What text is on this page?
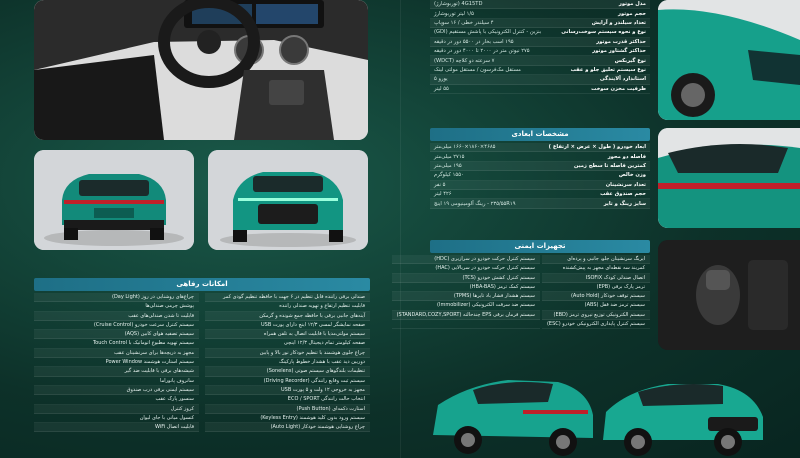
امکانات رفاهی
صندلی برقی راننده قابل تنظیم در ۶ جهت با حافظه تنظیم گودی کمر
قابلیت تنظیم ارتفاع و تهویه صندلی راننده
آینه‌های جانبی برقی با حافظه جمع شونده و گرمکن
صفحه نمایشگر لمسی ۱۲/۳ اینچ دارای پورت USB
سیستم مولتی‌مدیا با قابلیت اتصال به تلفن همراه
صفحه کیلومتر تمام دیجیتال ۱۲/۳ اینچی
چراغ جلوی هوشمند با تنظیم خودکار نور بالا و پایین
دوربین دید عقب با هشدار خطوط پارکینگ
تنظیمات بلندگوهای سیستم صوتی (Sonelens)
سیستم ثبت وقایع رانندگی (Driving Recorder)
مجهز به خروجی ۱۲ ولت و ۵ پورت USB
انتخاب حالت رانندگی ECO / SPORT
استارت دکمه‌ای (Push Button)
سیستم ورود بدون کلید هوشمند (Keyless Entry)
چراغ روشنایی هوشمند خودکار (Auto Light)
چراغ‌های روشنایی در روز (Day Light)
پوشش چرمی صندلی‌ها
قابلیت تا شدن صندلی‌های عقب
سیستم کنترل سرعت خودرو (Cruise Control)
سیستم تصفیه هوای کابین (AQS)
سیستم تهویه مطبوع اتوماتیک با Touch Control
مجهز به دریچه‌ها برای سرنشینان عقب
سیستم استارت هوشمند Power Window
شیشه‌های برقی با قابلیت ضد گیر
سانروف پانوراما
سیستم ایمنی برقی درب صندوق
سنسور پارک عقب
کروز کنترل
کنسول میانی با جای لیوان
قابلیت اتصال WiFi
مدل موتور
4G15TD (توربوشارژ)
حجم موتور
۱/۵ لیتر توربوشارژ
تعداد سیلندر و آرایش
۴ سیلندر خطی / ۱۶ سوپاپ
نوع و نحوه سیستم سوخت‌رسانی
بنزین - کنترل الکترونیکی با پاشش مستقیم (GDI)
حداکثر قدرت موتور
۱۹۵ اسب بخار در ۵۵۰۰ دور در دقیقه
حداکثر گشتاور موتور
۲۷۵ نیوتن متر در ۲۰۰۰ تا ۴۰۰۰ دور در دقیقه
نوع گیربکس
۷ سرعته دو کلاچه (WDCT)
نوع سیستم تعلیق جلو و عقب
مستقل مک‌فرسون / مستقل مولتی لینک
استاندارد آلایندگی
یورو ۵
ظرفیت مخزن سوخت
۵۵ لیتر
مشخصات ابعادی
ابعاد خودرو ( طول × عرض × ارتفاع )
۴۶۸۵×۱۸۶۰×۱۶۶۰ میلی‌متر
فاصله دو محور
۲۷۱۵ میلی‌متر
کمترین فاصله تا سطح زمین
۱۹۵ میلی‌متر
وزن خالص
۱۵۵۰ کیلوگرم
تعداد سرنشینان
۵ نفر
حجم صندوق عقب
۴۲۶ لیتر
سایز رینگ و تایر
۲۳۵/۵۵R۱۹ - رینگ آلومینیومی ۱۹ اینچ
تجهیزات ایمنی
ایربگ سرنشینان جلو، جانبی و پرده‌ای
کمربند سه نقطه‌ای مجهز به پیش‌کشنده
اتصال صندلی کودک ISOFIX
ترمز پارک برقی (EPB)
سیستم توقف خودکار (Auto Hold)
سیستم ترمز ضد قفل (ABS)
سیستم الکترونیکی توزیع نیروی ترمز (EBD)
سیستم کنترل پایداری الکترونیکی خودرو (ESC)
سیستم کنترل حرکت خودرو در سرازیری (HDC)
سیستم کنترل حرکت خودرو در سربالایی (HAC)
سیستم کنترل کشش خودرو (TCS)
سیستم کمک ترمز (HBA-BAS)
سیستم هشدار فشار باد تایرها (TPMS)
سیستم ضد سرقت الکترونیکی (Immobilizer)
سیستم فرمان برقی EPS چندحالته (STANDARD,COZY,SPORT)
